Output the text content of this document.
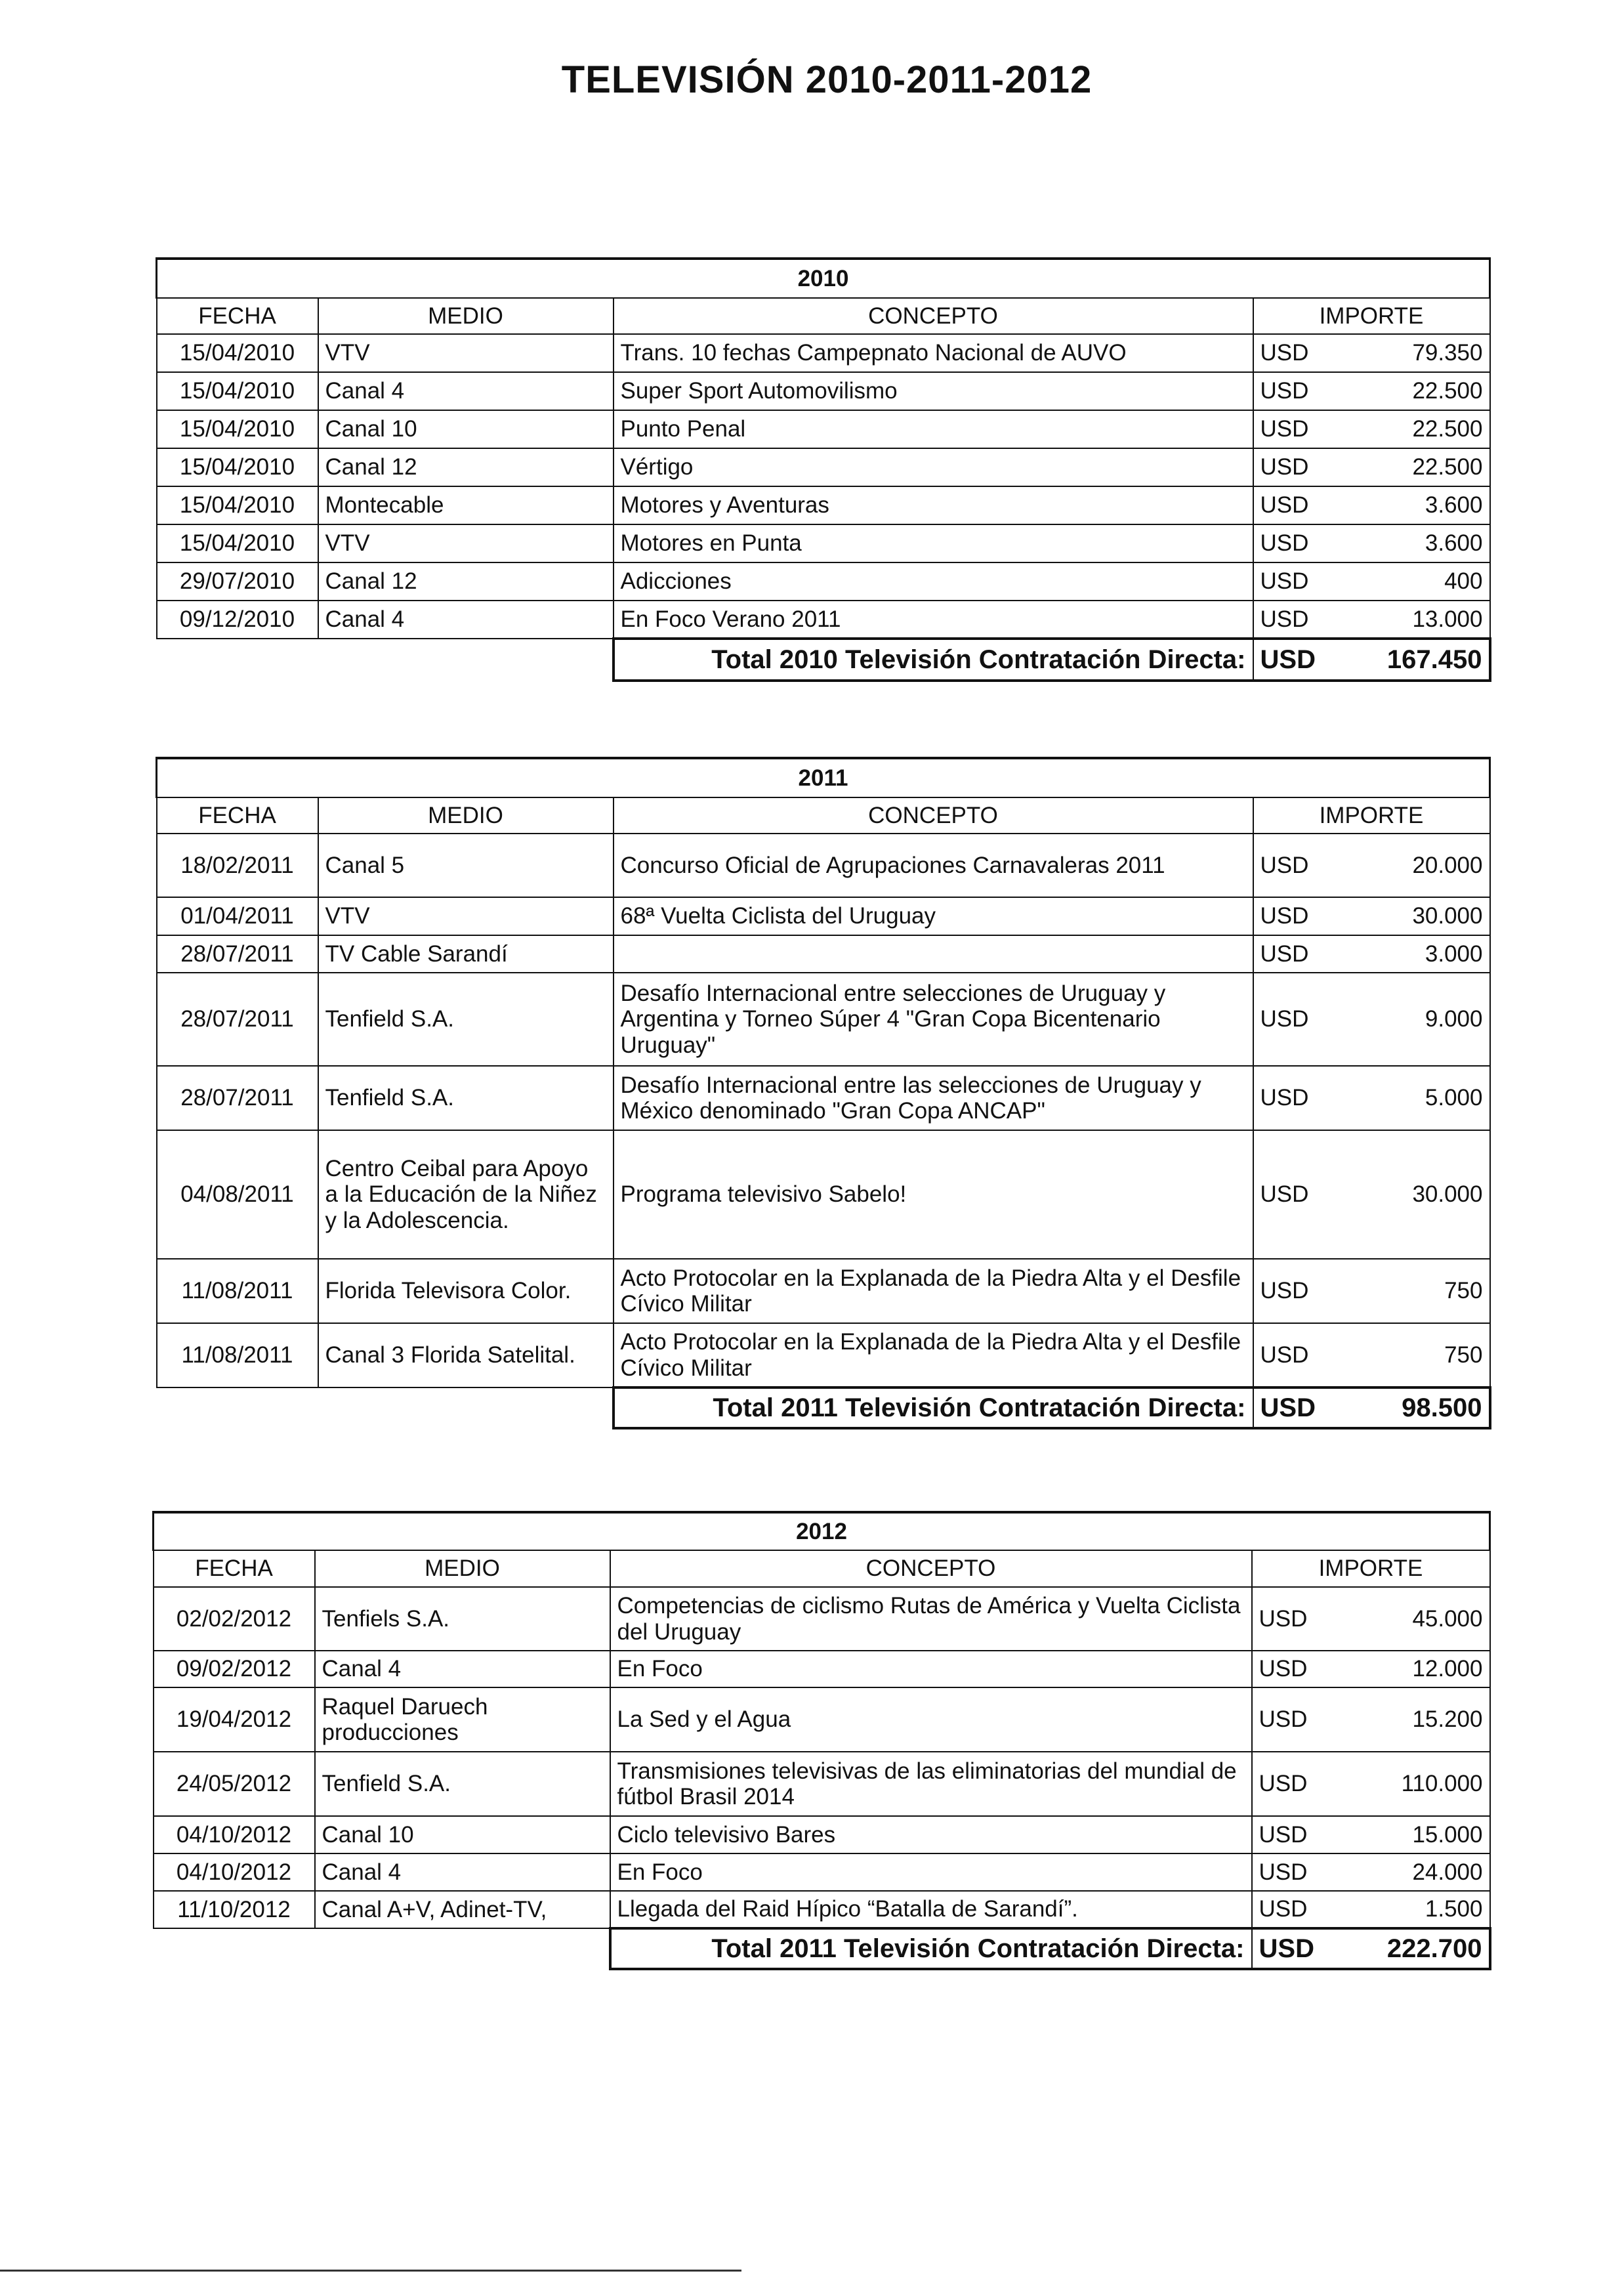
TELEVISIÓN 2010-2011-2012
2010			
FECHA	MEDIO	CONCEPTO	IMPORTE
15/04/2010	VTV	Trans. 10 fechas Campepnato Nacional de AUVO	USD 79.350

15/04/2010	Canal 4	Super Sport Automovilismo	USD 22.500

15/04/2010	Canal 10	Punto Penal	USD 22.500

15/04/2010	Canal 12	Vértigo	USD 22.500

15/04/2010	Montecable	Motores y Aventuras	USD 3.600

15/04/2010	VTV	Motores en Punta	USD 3.600

29/07/2010	Canal 12	Adicciones	USD 400

09/12/2010	Canal 4	En Foco Verano 2011	USD 13.000

		Total 2010 Televisión Contratación Directa:	USD 167.450
2011			
FECHA	MEDIO	CONCEPTO	IMPORTE
18/02/2011	Canal 5	Concurso Oficial de Agrupaciones Carnavaleras 2011	USD 20.000

01/04/2011	VTV	68ª Vuelta Ciclista del Uruguay	USD 30.000

28/07/2011	TV Cable Sarandí		USD 3.000

28/07/2011	Tenfield S.A.	Desafío Internacional entre selecciones de Uruguay y Argentina y Torneo Súper 4 "Gran Copa Bicentenario Uruguay"	USD 9.000

28/07/2011	Tenfield S.A.	Desafío Internacional entre las selecciones de Uruguay y México denominado "Gran Copa ANCAP"	USD 5.000

04/08/2011	Centro Ceibal para Apoyo a la Educación de la Niñez y la Adolescencia.	Programa televisivo Sabelo!	USD 30.000

11/08/2011	Florida Televisora Color.	Acto Protocolar en la Explanada de la Piedra Alta y el Desfile Cívico Militar	USD 750

11/08/2011	Canal 3 Florida Satelital.	Acto Protocolar en la Explanada de la Piedra Alta y el Desfile Cívico Militar	USD 750

		Total 2011 Televisión Contratación Directa:	USD 98.500
2012			
FECHA	MEDIO	CONCEPTO	IMPORTE
02/02/2012	Tenfiels S.A.	Competencias de ciclismo Rutas de América y Vuelta Ciclista del Uruguay	USD 45.000

09/02/2012	Canal 4	En Foco	USD 12.000

19/04/2012	Raquel Daruech producciones	La Sed y el Agua	USD 15.200

24/05/2012	Tenfield S.A.	Transmisiones televisivas de las eliminatorias del mundial de fútbol Brasil 2014	USD 110.000

04/10/2012	Canal 10	Ciclo televisivo Bares	USD 15.000

04/10/2012	Canal 4	En Foco	USD 24.000

11/10/2012	Canal A+V, Adinet-TV,	Llegada del Raid Hípico “Batalla de Sarandí”.	USD 1.500

		Total 2011 Televisión Contratación Directa:	USD 222.700
